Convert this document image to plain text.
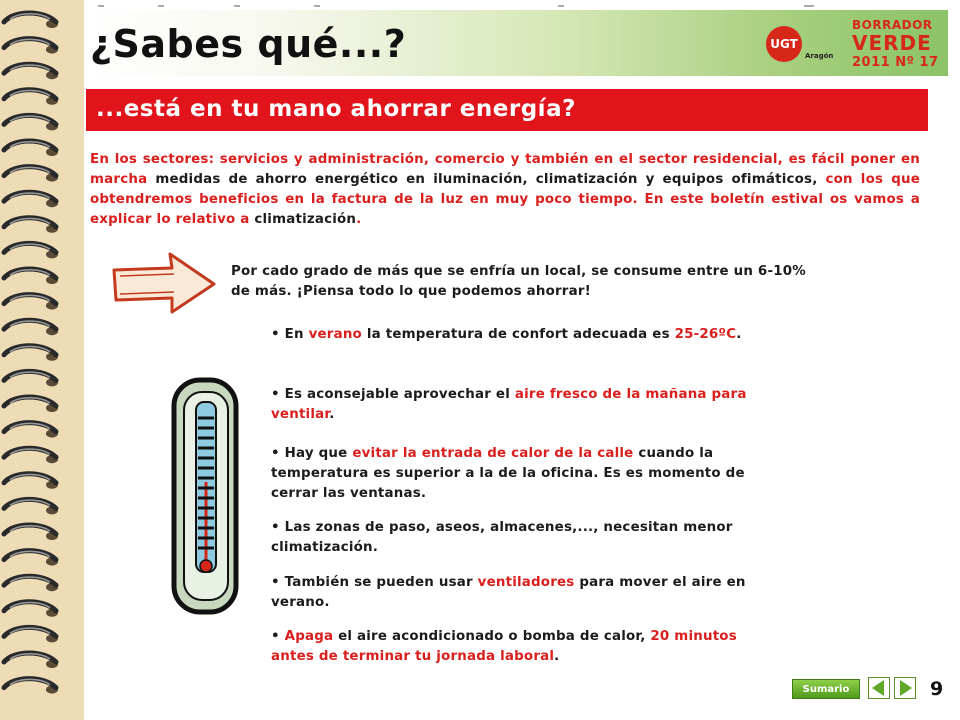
¿Sabes qué...?	UGT
Aragón
BORRADOR
VERDE
2011 Nº 17
...está en tu mano ahorrar energía?
En los sectores: servicios y administración, comercio y también en el sector residencial, es fácil poner en marcha medidas de ahorro energético en iluminación, climatización y equipos ofimáticos, con los que obtendremos beneficios en la factura de la luz en muy poco tiempo. En este boletín estival os vamos a explicar lo relativo a climatización.
Por cado grado de más que se enfría un local, se consume entre un 6-10% de más. ¡Piensa todo lo que podemos ahorrar!
• En verano la temperatura de confort adecuada es 25-26ºC.
• Es aconsejable aprovechar el aire fresco de la mañana para ventilar.
• Hay que evitar la entrada de calor de la calle cuando la temperatura es superior a la de la oficina. Es es momento de cerrar las ventanas.
• Las zonas de paso, aseos, almacenes,..., necesitan menor climatización.
• También se pueden usar ventiladores para mover el aire en verano.
• Apaga el aire acondicionado o bomba de calor, 20 minutos antes de terminar tu jornada laboral.
Sumario	9
